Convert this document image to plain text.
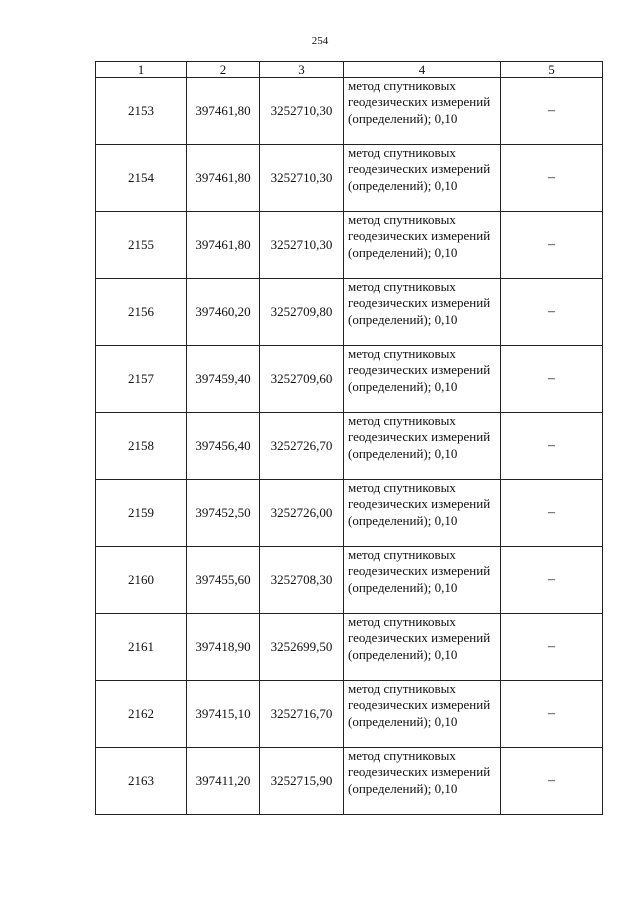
254
1	2	3	4	5
2153	397461,80	3252710,30	метод спутниковых геодезических измерений (определений); 0,10	–
2154	397461,80	3252710,30	метод спутниковых геодезических измерений (определений); 0,10	–
2155	397461,80	3252710,30	метод спутниковых геодезических измерений (определений); 0,10	–
2156	397460,20	3252709,80	метод спутниковых геодезических измерений (определений); 0,10	–
2157	397459,40	3252709,60	метод спутниковых геодезических измерений (определений); 0,10	–
2158	397456,40	3252726,70	метод спутниковых геодезических измерений (определений); 0,10	–
2159	397452,50	3252726,00	метод спутниковых геодезических измерений (определений); 0,10	–
2160	397455,60	3252708,30	метод спутниковых геодезических измерений (определений); 0,10	–
2161	397418,90	3252699,50	метод спутниковых геодезических измерений (определений); 0,10	–
2162	397415,10	3252716,70	метод спутниковых геодезических измерений (определений); 0,10	–
2163	397411,20	3252715,90	метод спутниковых геодезических измерений (определений); 0,10	–
